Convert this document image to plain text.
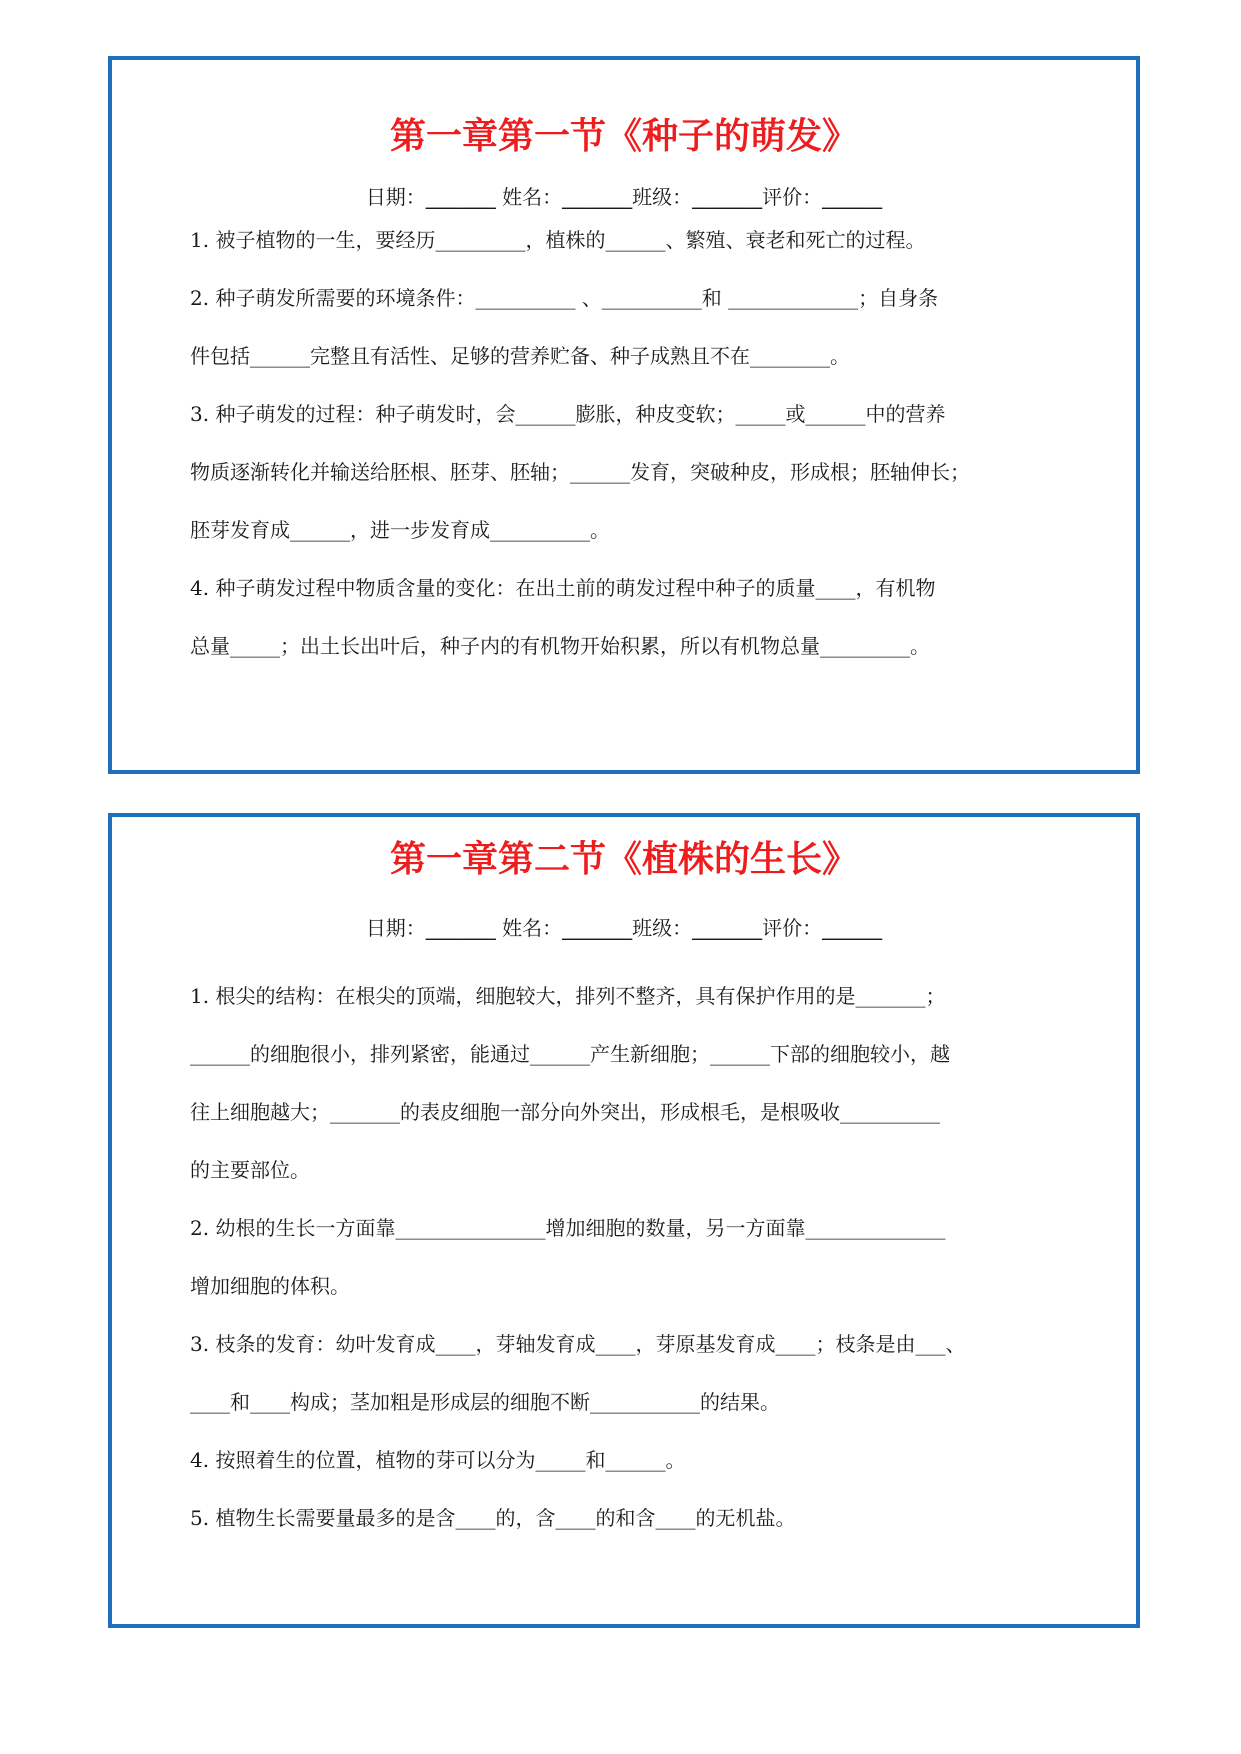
第一章第一节《种子的萌发》
日期：_______ 姓名：_______班级：_______评价：______
1. 被子植物的一生，要经历_________，植株的______、繁殖、衰老和死亡的过程。
2. 种子萌发所需要的环境条件：__________ 、__________和 _____________；自身条
件包括______完整且有活性、足够的营养贮备、种子成熟且不在________。
3. 种子萌发的过程：种子萌发时，会______膨胀，种皮变软；_____或______中的营养
物质逐渐转化并输送给胚根、胚芽、胚轴；______发育，突破种皮，形成根；胚轴伸长；
胚芽发育成______，进一步发育成__________。
4. 种子萌发过程中物质含量的变化：在出土前的萌发过程中种子的质量____，有机物
总量_____；出土长出叶后，种子内的有机物开始积累，所以有机物总量_________。
第一章第二节《植株的生长》
日期：_______ 姓名：_______班级：_______评价：______
1. 根尖的结构：在根尖的顶端，细胞较大，排列不整齐，具有保护作用的是_______；
______的细胞很小，排列紧密，能通过______产生新细胞；______下部的细胞较小，越
往上细胞越大；_______的表皮细胞一部分向外突出，形成根毛，是根吸收__________
的主要部位。
2. 幼根的生长一方面靠_______________增加细胞的数量，另一方面靠______________
增加细胞的体积。
3. 枝条的发育：幼叶发育成____，芽轴发育成____，芽原基发育成____；枝条是由___、
____和____构成；茎加粗是形成层的细胞不断___________的结果。
4. 按照着生的位置，植物的芽可以分为_____和______。
5. 植物生长需要量最多的是含____的，含____的和含____的无机盐。
